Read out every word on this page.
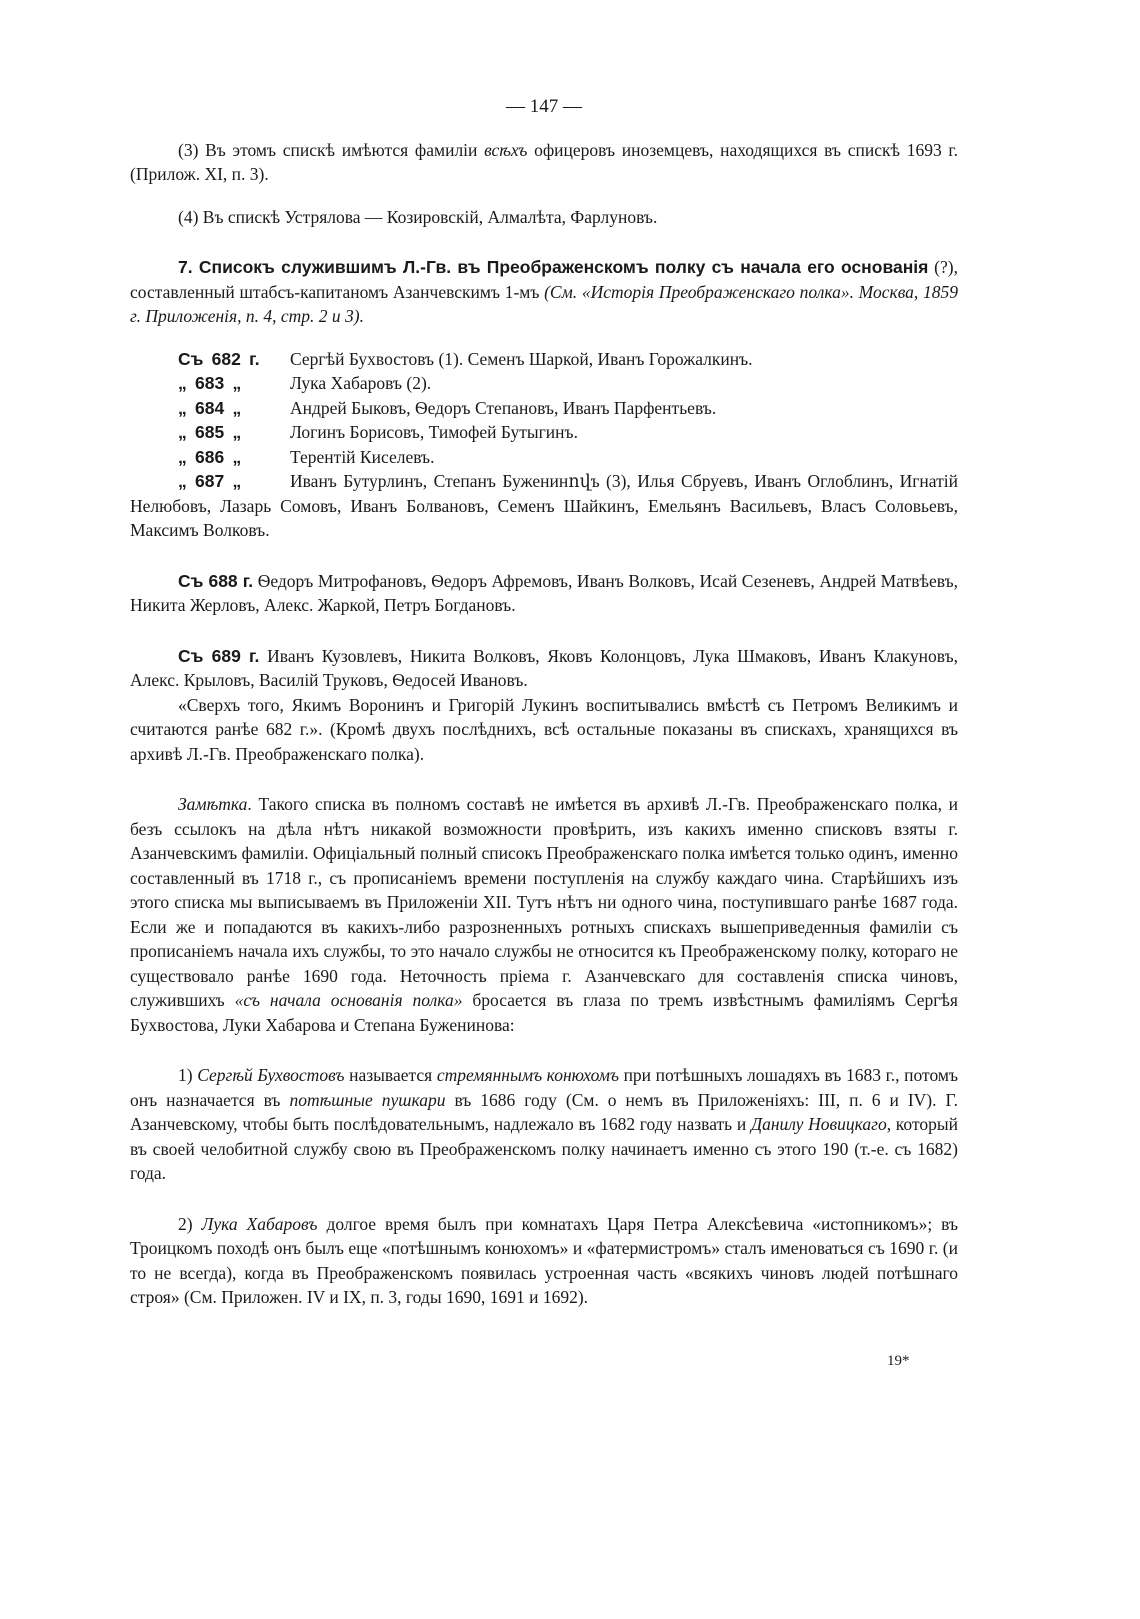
— 147 —

(3) Въ этомъ спискѣ имѣются фамиліи всѣхъ офицеровъ иноземцевъ, находящихся въ спискѣ 1693 г. (Прилож. XI, п. 3).

(4) Въ спискѣ Устрялова — Козировскій, Алмалѣта, Фарлуновъ.

7. Списокъ служившимъ Л.-Гв. въ Преображенскомъ полку съ начала его основанія (?), составленный штабсъ-капитаномъ Азанчевскимъ 1-мъ (См. «Исторія Преображенскаго полка». Москва, 1859 г. Приложенія, п. 4, стр. 2 и 3).

Съ 682 г. Сергѣй Бухвостовъ (1). Семенъ Шаркой, Иванъ Горожалкинъ.

„ 683 „	Лука Хабаровъ (2).

„ 684 „	Андрей Быковъ, Ѳедоръ Степановъ, Иванъ Парфентьевъ.

„ 685 „	Логинъ Борисовъ, Тимофей Бутыгинъ.

„ 686 „	Терентій Киселевъ.

„ 687 „	Иванъ Бутурлинъ, Степанъ Буженинովъ (3), Илья Сбруевъ, Иванъ Оглоблинъ, Игнатій Нелюбовъ, Лазарь Сомовъ, Иванъ Болвановъ, Семенъ Шайкинъ, Емельянъ Васильевъ, Власъ Соловьевъ, Максимъ Волковъ.

Съ 688 г. Ѳедоръ Митрофановъ, Ѳедоръ Афремовъ, Иванъ Волковъ, Исай Сезеневъ, Андрей Матвѣевъ, Никита Жерловъ, Алекс. Жаркой, Петръ Богдановъ.

Съ 689 г. Иванъ Кузовлевъ, Никита Волковъ, Яковъ Колонцовъ, Лука Шмаковъ, Иванъ Клакуновъ, Алекс. Крыловъ, Василій Труковъ, Ѳедосей Ивановъ.

«Сверхъ того, Якимъ Воронинъ и Григорій Лукинъ воспитывались вмѣстѣ съ Петромъ Великимъ и считаются ранѣе 682 г.». (Кромѣ двухъ послѣднихъ, всѣ остальные показаны въ спискахъ, хранящихся въ архивѣ Л.-Гв. Преображенскаго полка).

Замѣтка. Такого списка въ полномъ составѣ не имѣется въ архивѣ Л.-Гв. Преображенскаго полка, и безъ ссылокъ на дѣла нѣтъ никакой возможности провѣрить, изъ какихъ именно списковъ взяты г. Азанчевскимъ фамиліи. Офиціальный полный списокъ Преображенскаго полка имѣется только одинъ, именно составленный въ 1718 г., съ прописаніемъ времени поступленія на службу каждаго чина. Старѣйшихъ изъ этого списка мы выписываемъ въ Приложеніи XII. Тутъ нѣтъ ни одного чина, поступившаго ранѣе 1687 года. Если же и попадаются въ какихъ-либо разрозненныхъ ротныхъ спискахъ вышеприведенныя фамиліи съ прописаніемъ начала ихъ службы, то это начало службы не относится къ Преображенскому полку, котораго не существовало ранѣе 1690 года. Неточность пріема г. Азанчевскаго для составленія списка чиновъ, служившихъ «съ начала основанія полка» бросается въ глаза по тремъ извѣстнымъ фамиліямъ Сергѣя Бухвостова, Луки Хабарова и Степана Буженинова:

1) Сергѣй Бухвостовъ называется стремяннымъ конюхомъ при потѣшныхъ лошадяхъ въ 1683 г., потомъ онъ назначается въ потѣшные пушкари въ 1686 году (См. о немъ въ Приложеніяхъ: III, п. 6 и IV). Г. Азанчевскому, чтобы быть послѣдовательнымъ, надлежало въ 1682 году назвать и Данилу Новицкаго, который въ своей челобитной службу свою въ Преображенскомъ полку начинаетъ именно съ этого 190 (т.-е. съ 1682) года.

2) Лука Хабаровъ долгое время былъ при комнатахъ Царя Петра Алексѣевича «истопникомъ»; въ Троицкомъ походѣ онъ былъ еще «потѣшнымъ конюхомъ» и «фатермистромъ» сталъ именоваться съ 1690 г. (и то не всегда), когда въ Преображенскомъ появилась устроенная часть «всякихъ чиновъ людей потѣшнаго строя» (См. Приложен. IV и IX, п. 3, годы 1690, 1691 и 1692).

19*
